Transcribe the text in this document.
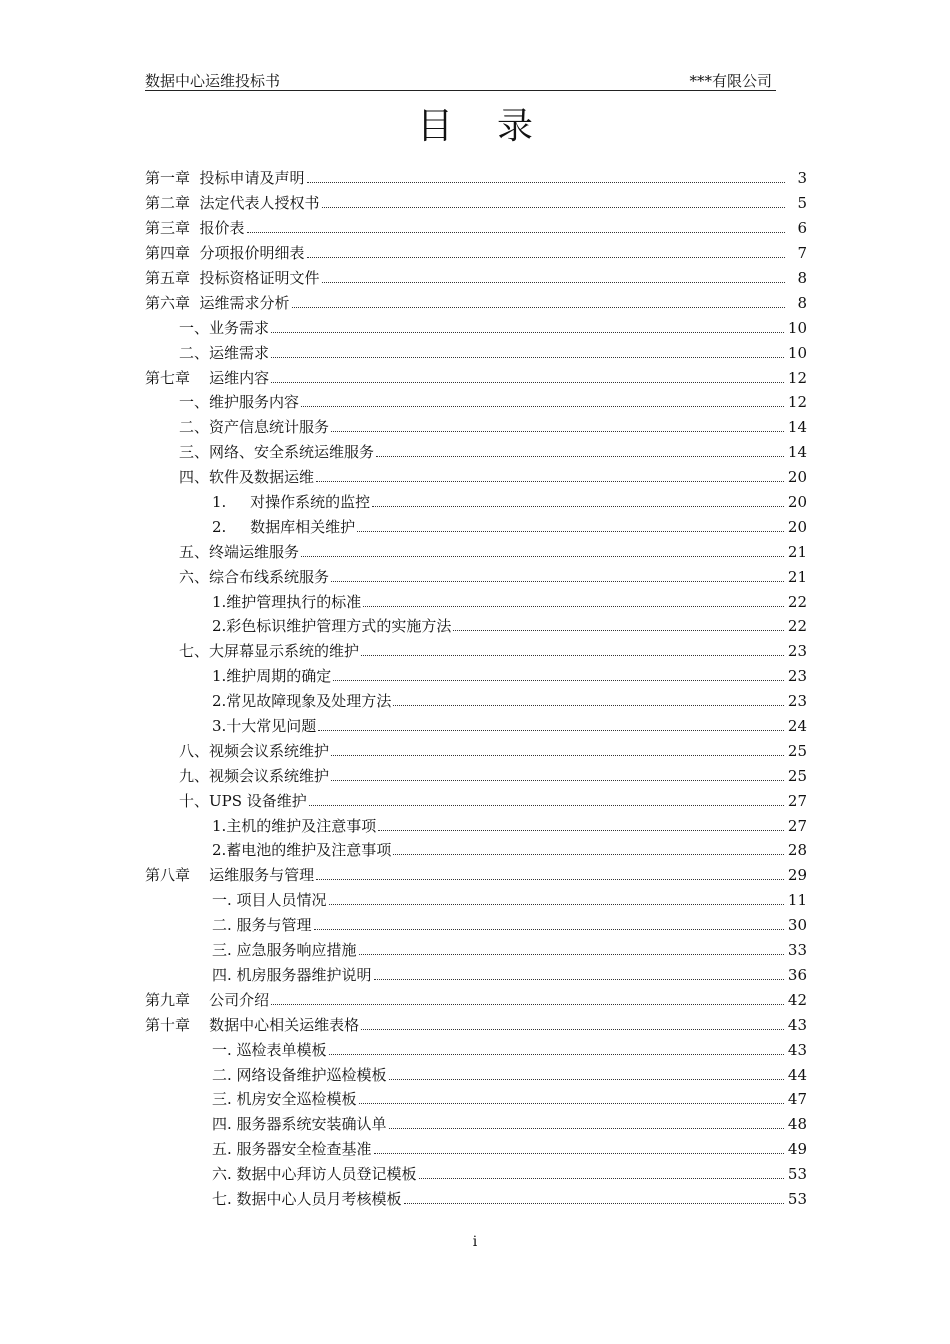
数据中心运维投标书	***有限公司
目录
第一章  投标申请及声明	3
第二章  法定代表人授权书	5
第三章  报价表	6
第四章  分项报价明细表	7
第五章  投标资格证明文件	8
第六章  运维需求分析	8
一、业务需求	10
二、运维需求	10
第七章    运维内容	12
一、维护服务内容	12
二、资产信息统计服务	14
三、网络、安全系统运维服务	14
四、软件及数据运维	20
1.     对操作系统的监控	20
2.     数据库相关维护	20
五、终端运维服务	21
六、综合布线系统服务	21
1.维护管理执行的标准	22
2.彩色标识维护管理方式的实施方法	22
七、大屏幕显示系统的维护	23
1.维护周期的确定	23
2.常见故障现象及处理方法	23
3.十大常见问题	24
八、视频会议系统维护	25
九、视频会议系统维护	25
十、UPS 设备维护	27
1.主机的维护及注意事项	27
2.蓄电池的维护及注意事项	28
第八章    运维服务与管理	29
一. 项目人员情况	11
二. 服务与管理	30
三. 应急服务响应措施	33
四. 机房服务器维护说明	36
第九章    公司介绍	42
第十章    数据中心相关运维表格	43
一. 巡检表单模板	43
二. 网络设备维护巡检模板	44
三. 机房安全巡检模板	47
四. 服务器系统安装确认单	48
五. 服务器安全检查基准	49
六. 数据中心拜访人员登记模板	53
七. 数据中心人员月考核模板	53
i
